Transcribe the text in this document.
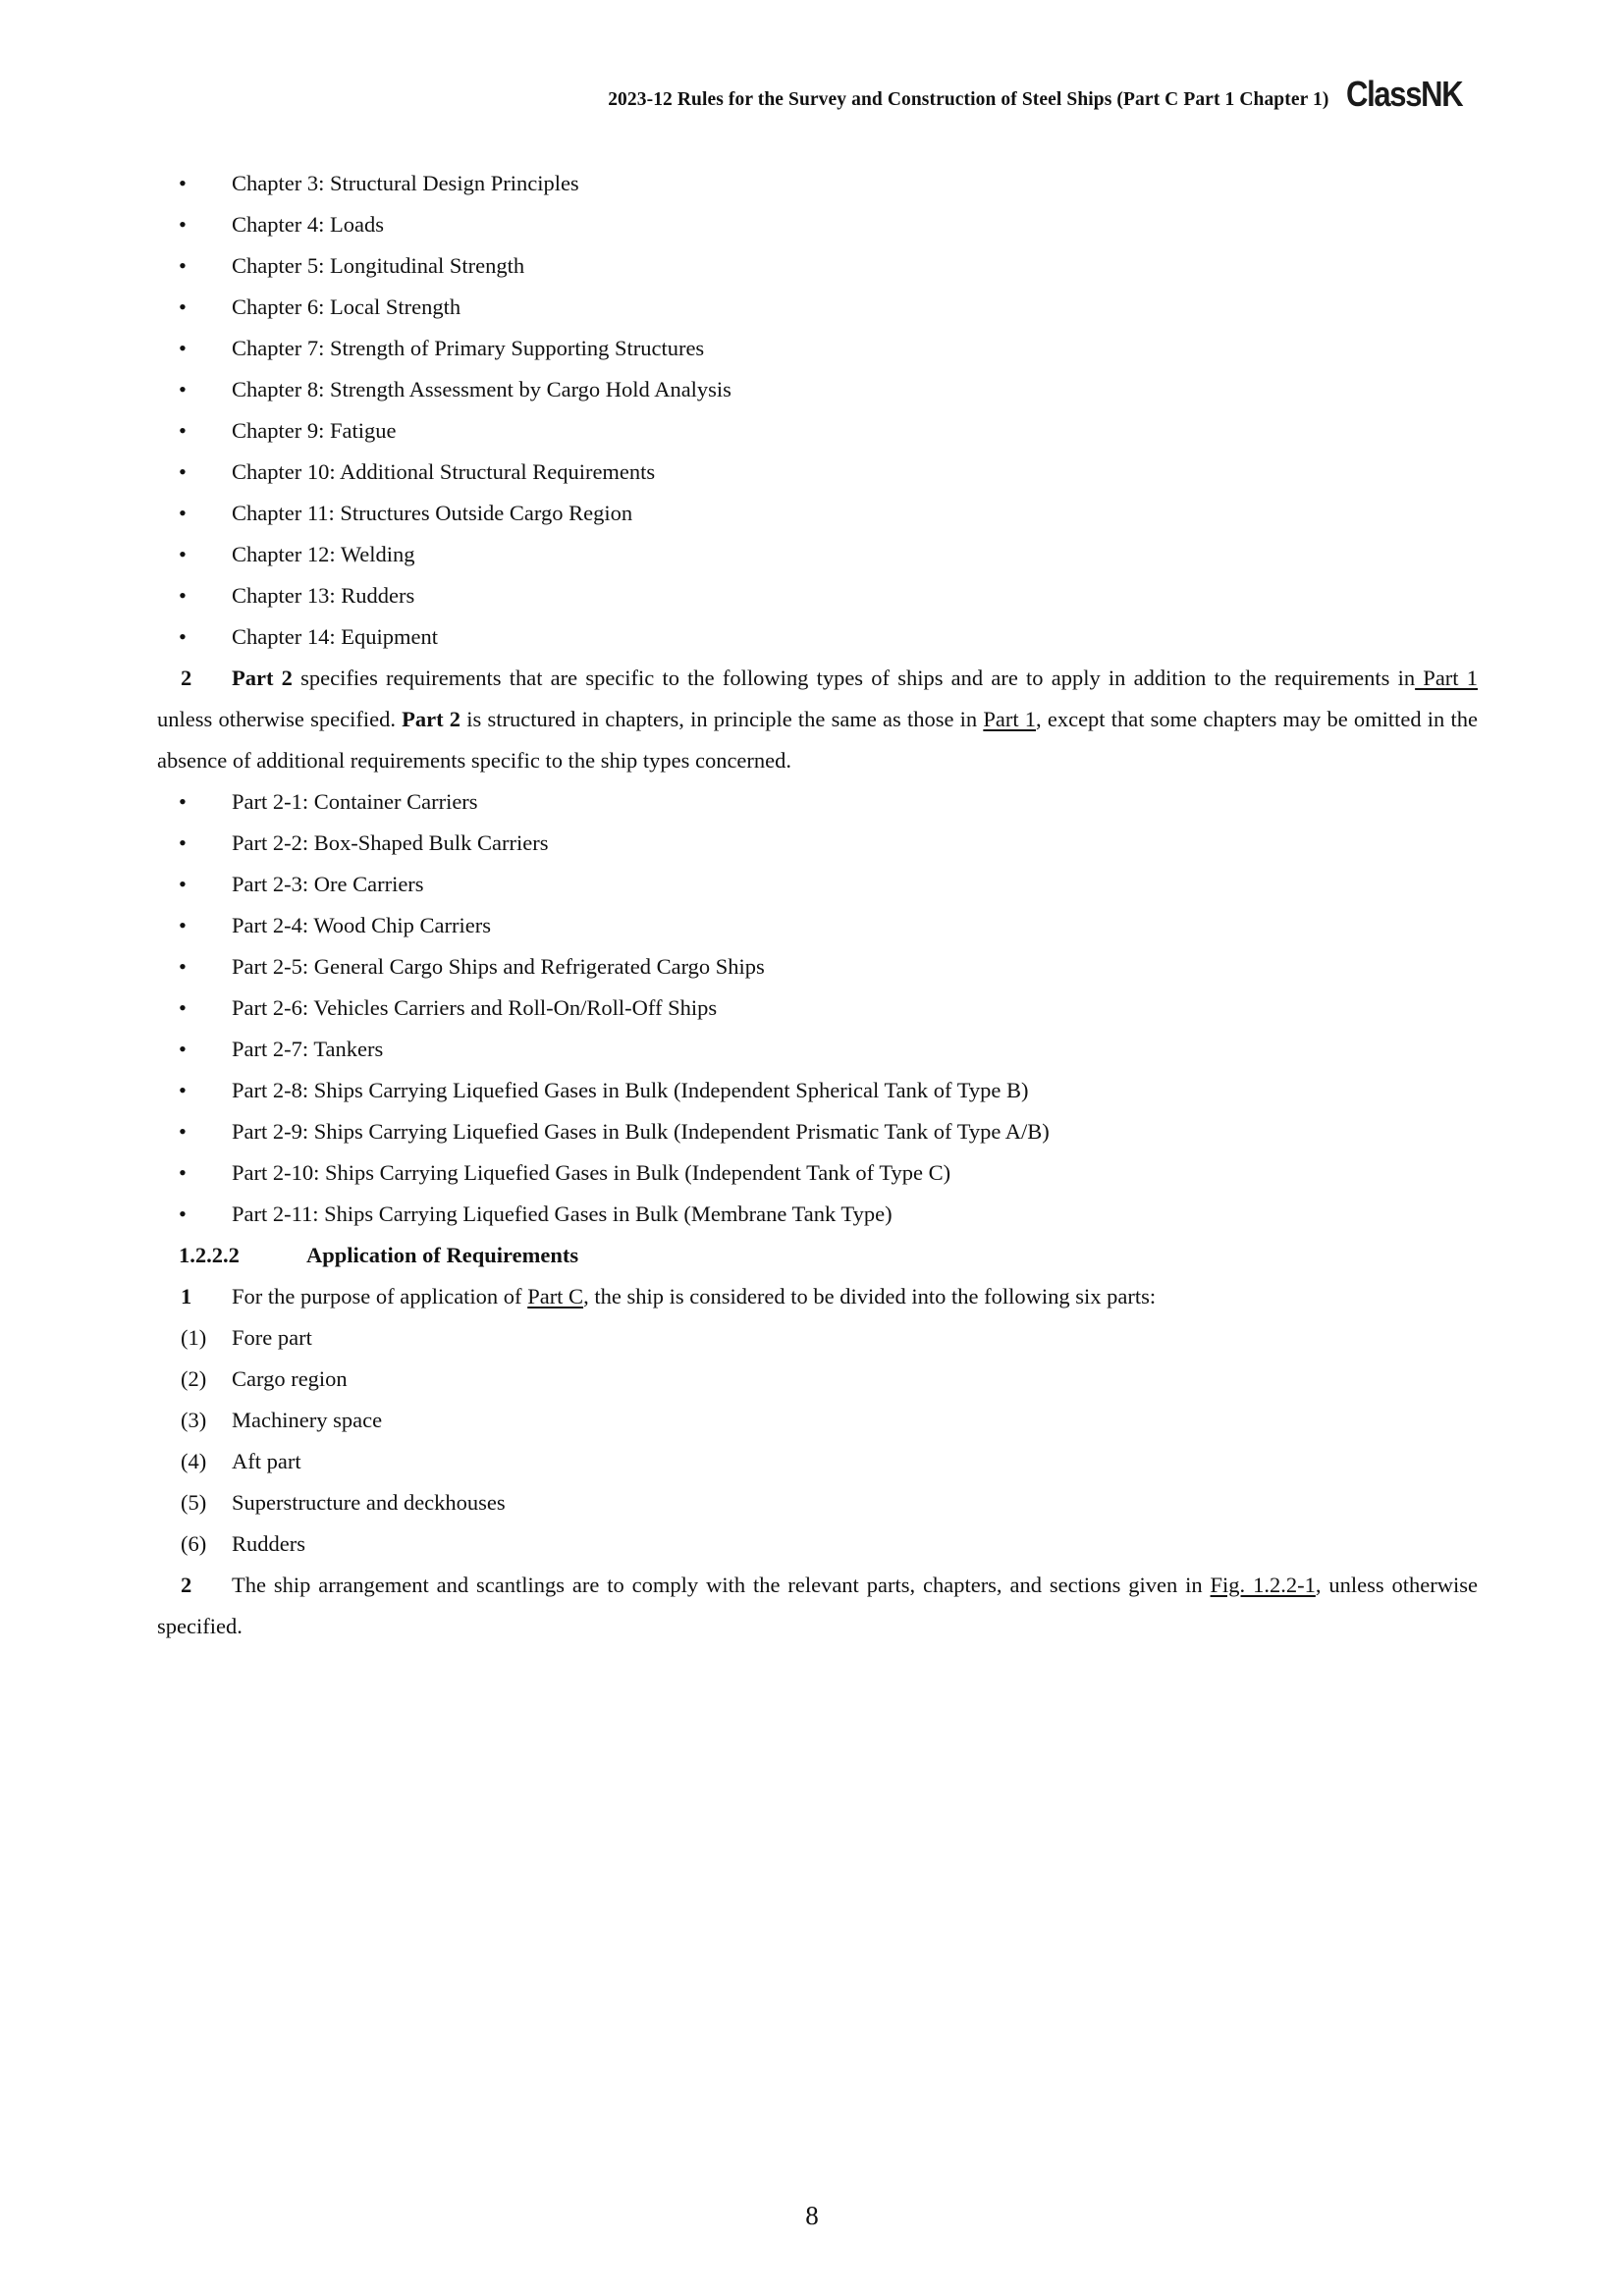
2023-12 Rules for the Survey and Construction of Steel Ships (Part C Part 1 Chapter 1) ClassNK
•	Chapter 3: Structural Design Principles
•	Chapter 4: Loads
•	Chapter 5: Longitudinal Strength
•	Chapter 6: Local Strength
•	Chapter 7: Strength of Primary Supporting Structures
•	Chapter 8: Strength Assessment by Cargo Hold Analysis
•	Chapter 9: Fatigue
•	Chapter 10: Additional Structural Requirements
•	Chapter 11: Structures Outside Cargo Region
•	Chapter 12: Welding
•	Chapter 13: Rudders
•	Chapter 14: Equipment
2 Part 2 specifies requirements that are specific to the following types of ships and are to apply in addition to the requirements in Part 1 unless otherwise specified. Part 2 is structured in chapters, in principle the same as those in Part 1, except that some chapters may be omitted in the absence of additional requirements specific to the ship types concerned.
•	Part 2-1: Container Carriers
•	Part 2-2: Box-Shaped Bulk Carriers
•	Part 2-3: Ore Carriers
•	Part 2-4: Wood Chip Carriers
•	Part 2-5: General Cargo Ships and Refrigerated Cargo Ships
•	Part 2-6: Vehicles Carriers and Roll-On/Roll-Off Ships
•	Part 2-7: Tankers
•	Part 2-8: Ships Carrying Liquefied Gases in Bulk (Independent Spherical Tank of Type B)
•	Part 2-9: Ships Carrying Liquefied Gases in Bulk (Independent Prismatic Tank of Type A/B)
•	Part 2-10: Ships Carrying Liquefied Gases in Bulk (Independent Tank of Type C)
•	Part 2-11: Ships Carrying Liquefied Gases in Bulk (Membrane Tank Type)
1.2.2.2	Application of Requirements
1 For the purpose of application of Part C, the ship is considered to be divided into the following six parts:
(1)	Fore part
(2)	Cargo region
(3)	Machinery space
(4)	Aft part
(5)	Superstructure and deckhouses
(6)	Rudders
2 The ship arrangement and scantlings are to comply with the relevant parts, chapters, and sections given in Fig. 1.2.2-1, unless otherwise specified.
8
